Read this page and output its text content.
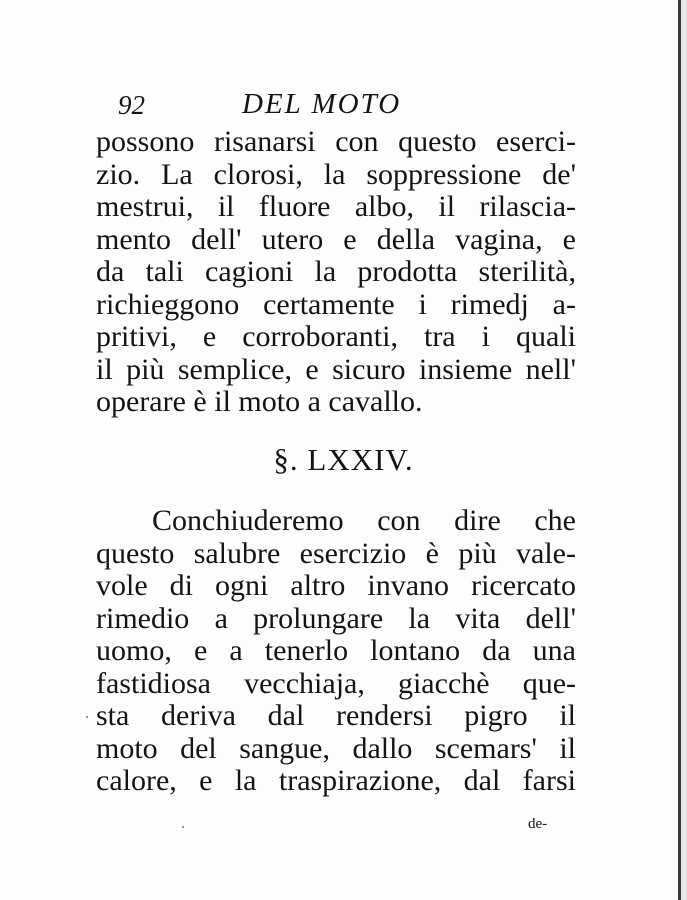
92	DEL MOTO
possono risanarsi con questo eserci-
zio. La clorosi, la soppressione de'
mestrui, il fluore albo, il rilascia-
mento dell' utero e della vagina, e
da tali cagioni la prodotta sterilità,
richieggono certamente i rimedj a-
pritivi, e corroboranti, tra i quali
il più semplice, e sicuro insieme nell'
operare è il moto a cavallo.
§. LXXIV.
Conchiuderemo con dire che
questo salubre esercizio è più vale-
vole di ogni altro invano ricercato
rimedio a prolungare la vita dell'
uomo, e a tenerlo lontano da una
fastidiosa vecchiaja, giacchè que-
sta deriva dal rendersi pigro il
moto del sangue, dallo scemars' il
calore, e la traspirazione, dal farsi
de-
